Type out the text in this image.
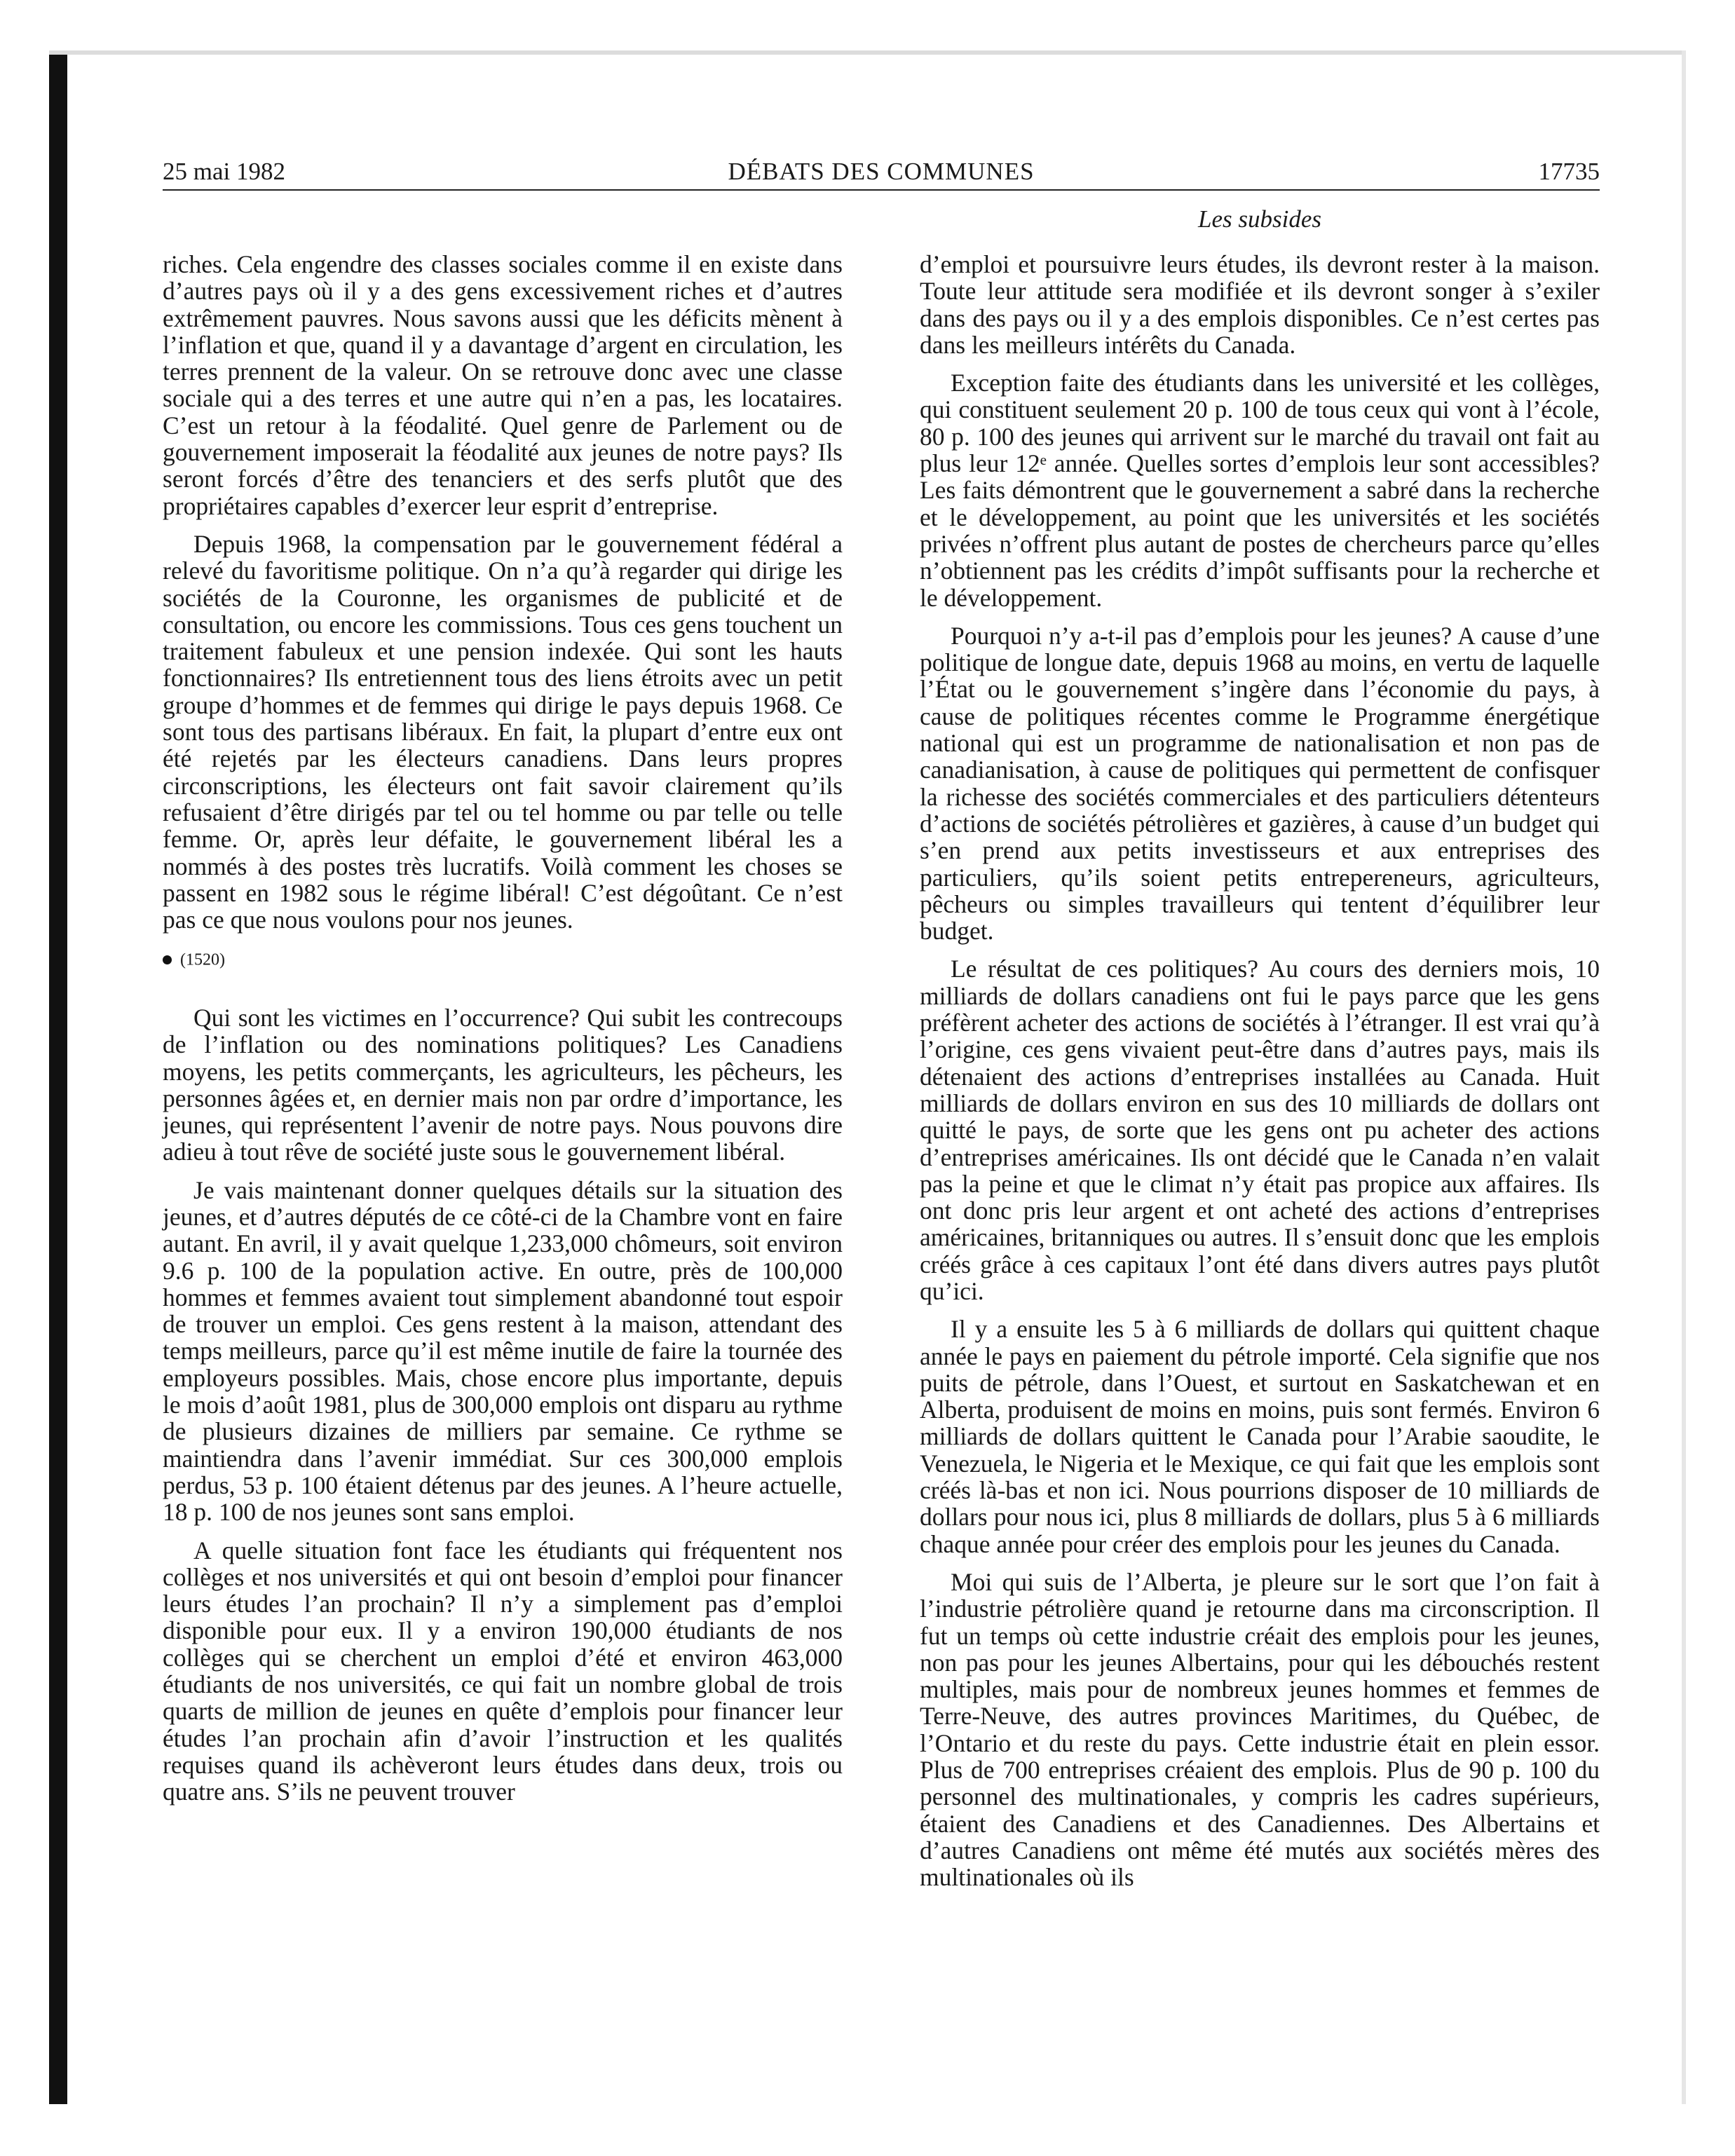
25 mai 1982	DÉBATS DES COMMUNES	17735
Les subsides

riches. Cela engendre des classes sociales comme il en existe dans d’autres pays où il y a des gens excessivement riches et d’autres extrêmement pauvres. Nous savons aussi que les déficits mènent à l’inflation et que, quand il y a davantage d’argent en circulation, les terres prennent de la valeur. On se retrouve donc avec une classe sociale qui a des terres et une autre qui n’en a pas, les locataires. C’est un retour à la féodalité. Quel genre de Parlement ou de gouvernement imposerait la féodalité aux jeunes de notre pays? Ils seront forcés d’être des tenanciers et des serfs plutôt que des propriétaires capables d’exercer leur esprit d’entreprise.

Depuis 1968, la compensation par le gouvernement fédéral a relevé du favoritisme politique. On n’a qu’à regarder qui dirige les sociétés de la Couronne, les organismes de publicité et de consultation, ou encore les commissions. Tous ces gens touchent un traitement fabuleux et une pension indexée. Qui sont les hauts fonctionnaires? Ils entretiennent tous des liens étroits avec un petit groupe d’hommes et de femmes qui dirige le pays depuis 1968. Ce sont tous des partisans libéraux. En fait, la plupart d’entre eux ont été rejetés par les électeurs canadiens. Dans leurs propres circonscriptions, les électeurs ont fait savoir clairement qu’ils refusaient d’être dirigés par tel ou tel homme ou par telle ou telle femme. Or, après leur défaite, le gouvernement libéral les a nommés à des postes très lucratifs. Voilà comment les choses se passent en 1982 sous le régime libéral! C’est dégoûtant. Ce n’est pas ce que nous voulons pour nos jeunes.

(1520)

Qui sont les victimes en l’occurrence? Qui subit les contrecoups de l’inflation ou des nominations politiques? Les Canadiens moyens, les petits commerçants, les agriculteurs, les pêcheurs, les personnes âgées et, en dernier mais non par ordre d’importance, les jeunes, qui représentent l’avenir de notre pays. Nous pouvons dire adieu à tout rêve de société juste sous le gouvernement libéral.

Je vais maintenant donner quelques détails sur la situation des jeunes, et d’autres députés de ce côté-ci de la Chambre vont en faire autant. En avril, il y avait quelque 1,233,000 chômeurs, soit environ 9.6 p. 100 de la population active. En outre, près de 100,000 hommes et femmes avaient tout simplement abandonné tout espoir de trouver un emploi. Ces gens restent à la maison, attendant des temps meilleurs, parce qu’il est même inutile de faire la tournée des employeurs possibles. Mais, chose encore plus importante, depuis le mois d’août 1981, plus de 300,000 emplois ont disparu au rythme de plusieurs dizaines de milliers par semaine. Ce rythme se maintiendra dans l’avenir immédiat. Sur ces 300,000 emplois perdus, 53 p. 100 étaient détenus par des jeunes. A l’heure actuelle, 18 p. 100 de nos jeunes sont sans emploi.

A quelle situation font face les étudiants qui fréquentent nos collèges et nos universités et qui ont besoin d’emploi pour financer leurs études l’an prochain? Il n’y a simplement pas d’emploi disponible pour eux. Il y a environ 190,000 étudiants de nos collèges qui se cherchent un emploi d’été et environ 463,000 étudiants de nos universités, ce qui fait un nombre global de trois quarts de million de jeunes en quête d’emplois pour financer leur études l’an prochain afin d’avoir l’instruction et les qualités requises quand ils achèveront leurs études dans deux, trois ou quatre ans. S’ils ne peuvent trouver

d’emploi et poursuivre leurs études, ils devront rester à la maison. Toute leur attitude sera modifiée et ils devront songer à s’exiler dans des pays ou il y a des emplois disponibles. Ce n’est certes pas dans les meilleurs intérêts du Canada.

Exception faite des étudiants dans les université et les collèges, qui constituent seulement 20 p. 100 de tous ceux qui vont à l’école, 80 p. 100 des jeunes qui arrivent sur le marché du travail ont fait au plus leur 12ᵉ année. Quelles sortes d’emplois leur sont accessibles? Les faits démontrent que le gouvernement a sabré dans la recherche et le développement, au point que les universités et les sociétés privées n’offrent plus autant de postes de chercheurs parce qu’elles n’obtiennent pas les crédits d’impôt suffisants pour la recherche et le développement.

Pourquoi n’y a-t-il pas d’emplois pour les jeunes? A cause d’une politique de longue date, depuis 1968 au moins, en vertu de laquelle l’État ou le gouvernement s’ingère dans l’économie du pays, à cause de politiques récentes comme le Programme énergétique national qui est un programme de nationalisation et non pas de canadianisation, à cause de politiques qui permettent de confisquer la richesse des sociétés commerciales et des particuliers détenteurs d’actions de sociétés pétrolières et gazières, à cause d’un budget qui s’en prend aux petits investisseurs et aux entreprises des particuliers, qu’ils soient petits entrepereneurs, agriculteurs, pêcheurs ou simples travailleurs qui tentent d’équilibrer leur budget.

Le résultat de ces politiques? Au cours des derniers mois, 10 milliards de dollars canadiens ont fui le pays parce que les gens préfèrent acheter des actions de sociétés à l’étranger. Il est vrai qu’à l’origine, ces gens vivaient peut-être dans d’autres pays, mais ils détenaient des actions d’entreprises installées au Canada. Huit milliards de dollars environ en sus des 10 milliards de dollars ont quitté le pays, de sorte que les gens ont pu acheter des actions d’entreprises américaines. Ils ont décidé que le Canada n’en valait pas la peine et que le climat n’y était pas propice aux affaires. Ils ont donc pris leur argent et ont acheté des actions d’entreprises américaines, britanniques ou autres. Il s’ensuit donc que les emplois créés grâce à ces capitaux l’ont été dans divers autres pays plutôt qu’ici.

Il y a ensuite les 5 à 6 milliards de dollars qui quittent chaque année le pays en paiement du pétrole importé. Cela signifie que nos puits de pétrole, dans l’Ouest, et surtout en Saskatchewan et en Alberta, produisent de moins en moins, puis sont fermés. Environ 6 milliards de dollars quittent le Canada pour l’Arabie saoudite, le Venezuela, le Nigeria et le Mexique, ce qui fait que les emplois sont créés là-bas et non ici. Nous pourrions disposer de 10 milliards de dollars pour nous ici, plus 8 milliards de dollars, plus 5 à 6 milliards chaque année pour créer des emplois pour les jeunes du Canada.

Moi qui suis de l’Alberta, je pleure sur le sort que l’on fait à l’industrie pétrolière quand je retourne dans ma circonscription. Il fut un temps où cette industrie créait des emplois pour les jeunes, non pas pour les jeunes Albertains, pour qui les débouchés restent multiples, mais pour de nombreux jeunes hommes et femmes de Terre-Neuve, des autres provinces Maritimes, du Québec, de l’Ontario et du reste du pays. Cette industrie était en plein essor. Plus de 700 entreprises créaient des emplois. Plus de 90 p. 100 du personnel des multinationales, y compris les cadres supérieurs, étaient des Canadiens et des Canadiennes. Des Albertains et d’autres Canadiens ont même été mutés aux sociétés mères des multinationales où ils
